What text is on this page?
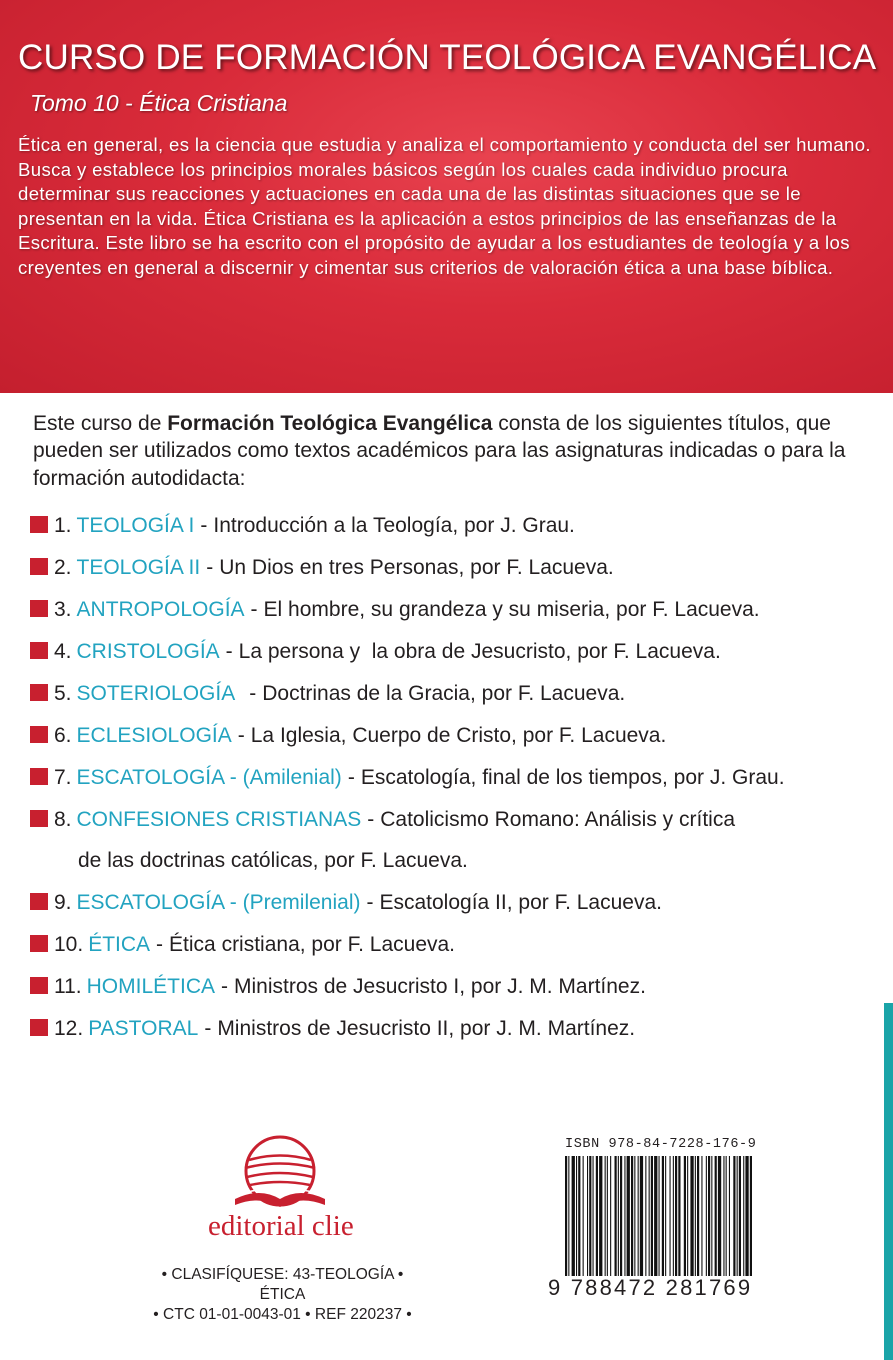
CURSO DE FORMACIÓN TEOLÓGICA EVANGÉLICA
Tomo 10 - Ética Cristiana

Ética en general, es la ciencia que estudia y analiza el comportamiento y conducta del ser humano. Busca y establece los principios morales básicos según los cuales cada individuo procura determinar sus reacciones y actuaciones en cada una de las distintas situaciones que se le presentan en la vida. Ética Cristiana es la aplicación a estos principios de las enseñanzas de la Escritura. Este libro se ha escrito con el propósito de ayudar a los estudiantes de teología y a los creyentes en general a discernir y cimentar sus criterios de valoración ética a una base bíblica.

Este curso de Formación Teológica Evangélica consta de los siguientes títulos, que pueden ser utilizados como textos académicos para las asignaturas indicadas o para la formación autodidacta:

1. TEOLOGÍA I - Introducción a la Teología, por J. Grau.
2. TEOLOGÍA II - Un Dios en tres Personas, por F. Lacueva.
3. ANTROPOLOGÍA - El hombre, su grandeza y su miseria, por F. Lacueva.
4. CRISTOLOGÍA - La persona y  la obra de Jesucristo, por F. Lacueva.
5. SOTERIOLOGÍA - Doctrinas de la Gracia, por F. Lacueva.
6. ECLESIOLOGÍA - La Iglesia, Cuerpo de Cristo, por F. Lacueva.
7. ESCATOLOGÍA - (Amilenial) - Escatología, final de los tiempos, por J. Grau.
8. CONFESIONES CRISTIANAS - Catolicismo Romano: Análisis y crítica
de las doctrinas católicas, por F. Lacueva.
9. ESCATOLOGÍA - (Premilenial) - Escatología II, por F. Lacueva.
10. ÉTICA - Ética cristiana, por F. Lacueva.
11. HOMILÉTICA - Ministros de Jesucristo I, por J. M. Martínez.
12. PASTORAL - Ministros de Jesucristo II, por J. M. Martínez.
editorial clie
• CLASIFÍQUESE: 43-TEOLOGÍA •
ÉTICA
• CTC 01-01-0043-01 • REF 220237 •
ISBN 978-84-7228-176-9
9 788472 281769
